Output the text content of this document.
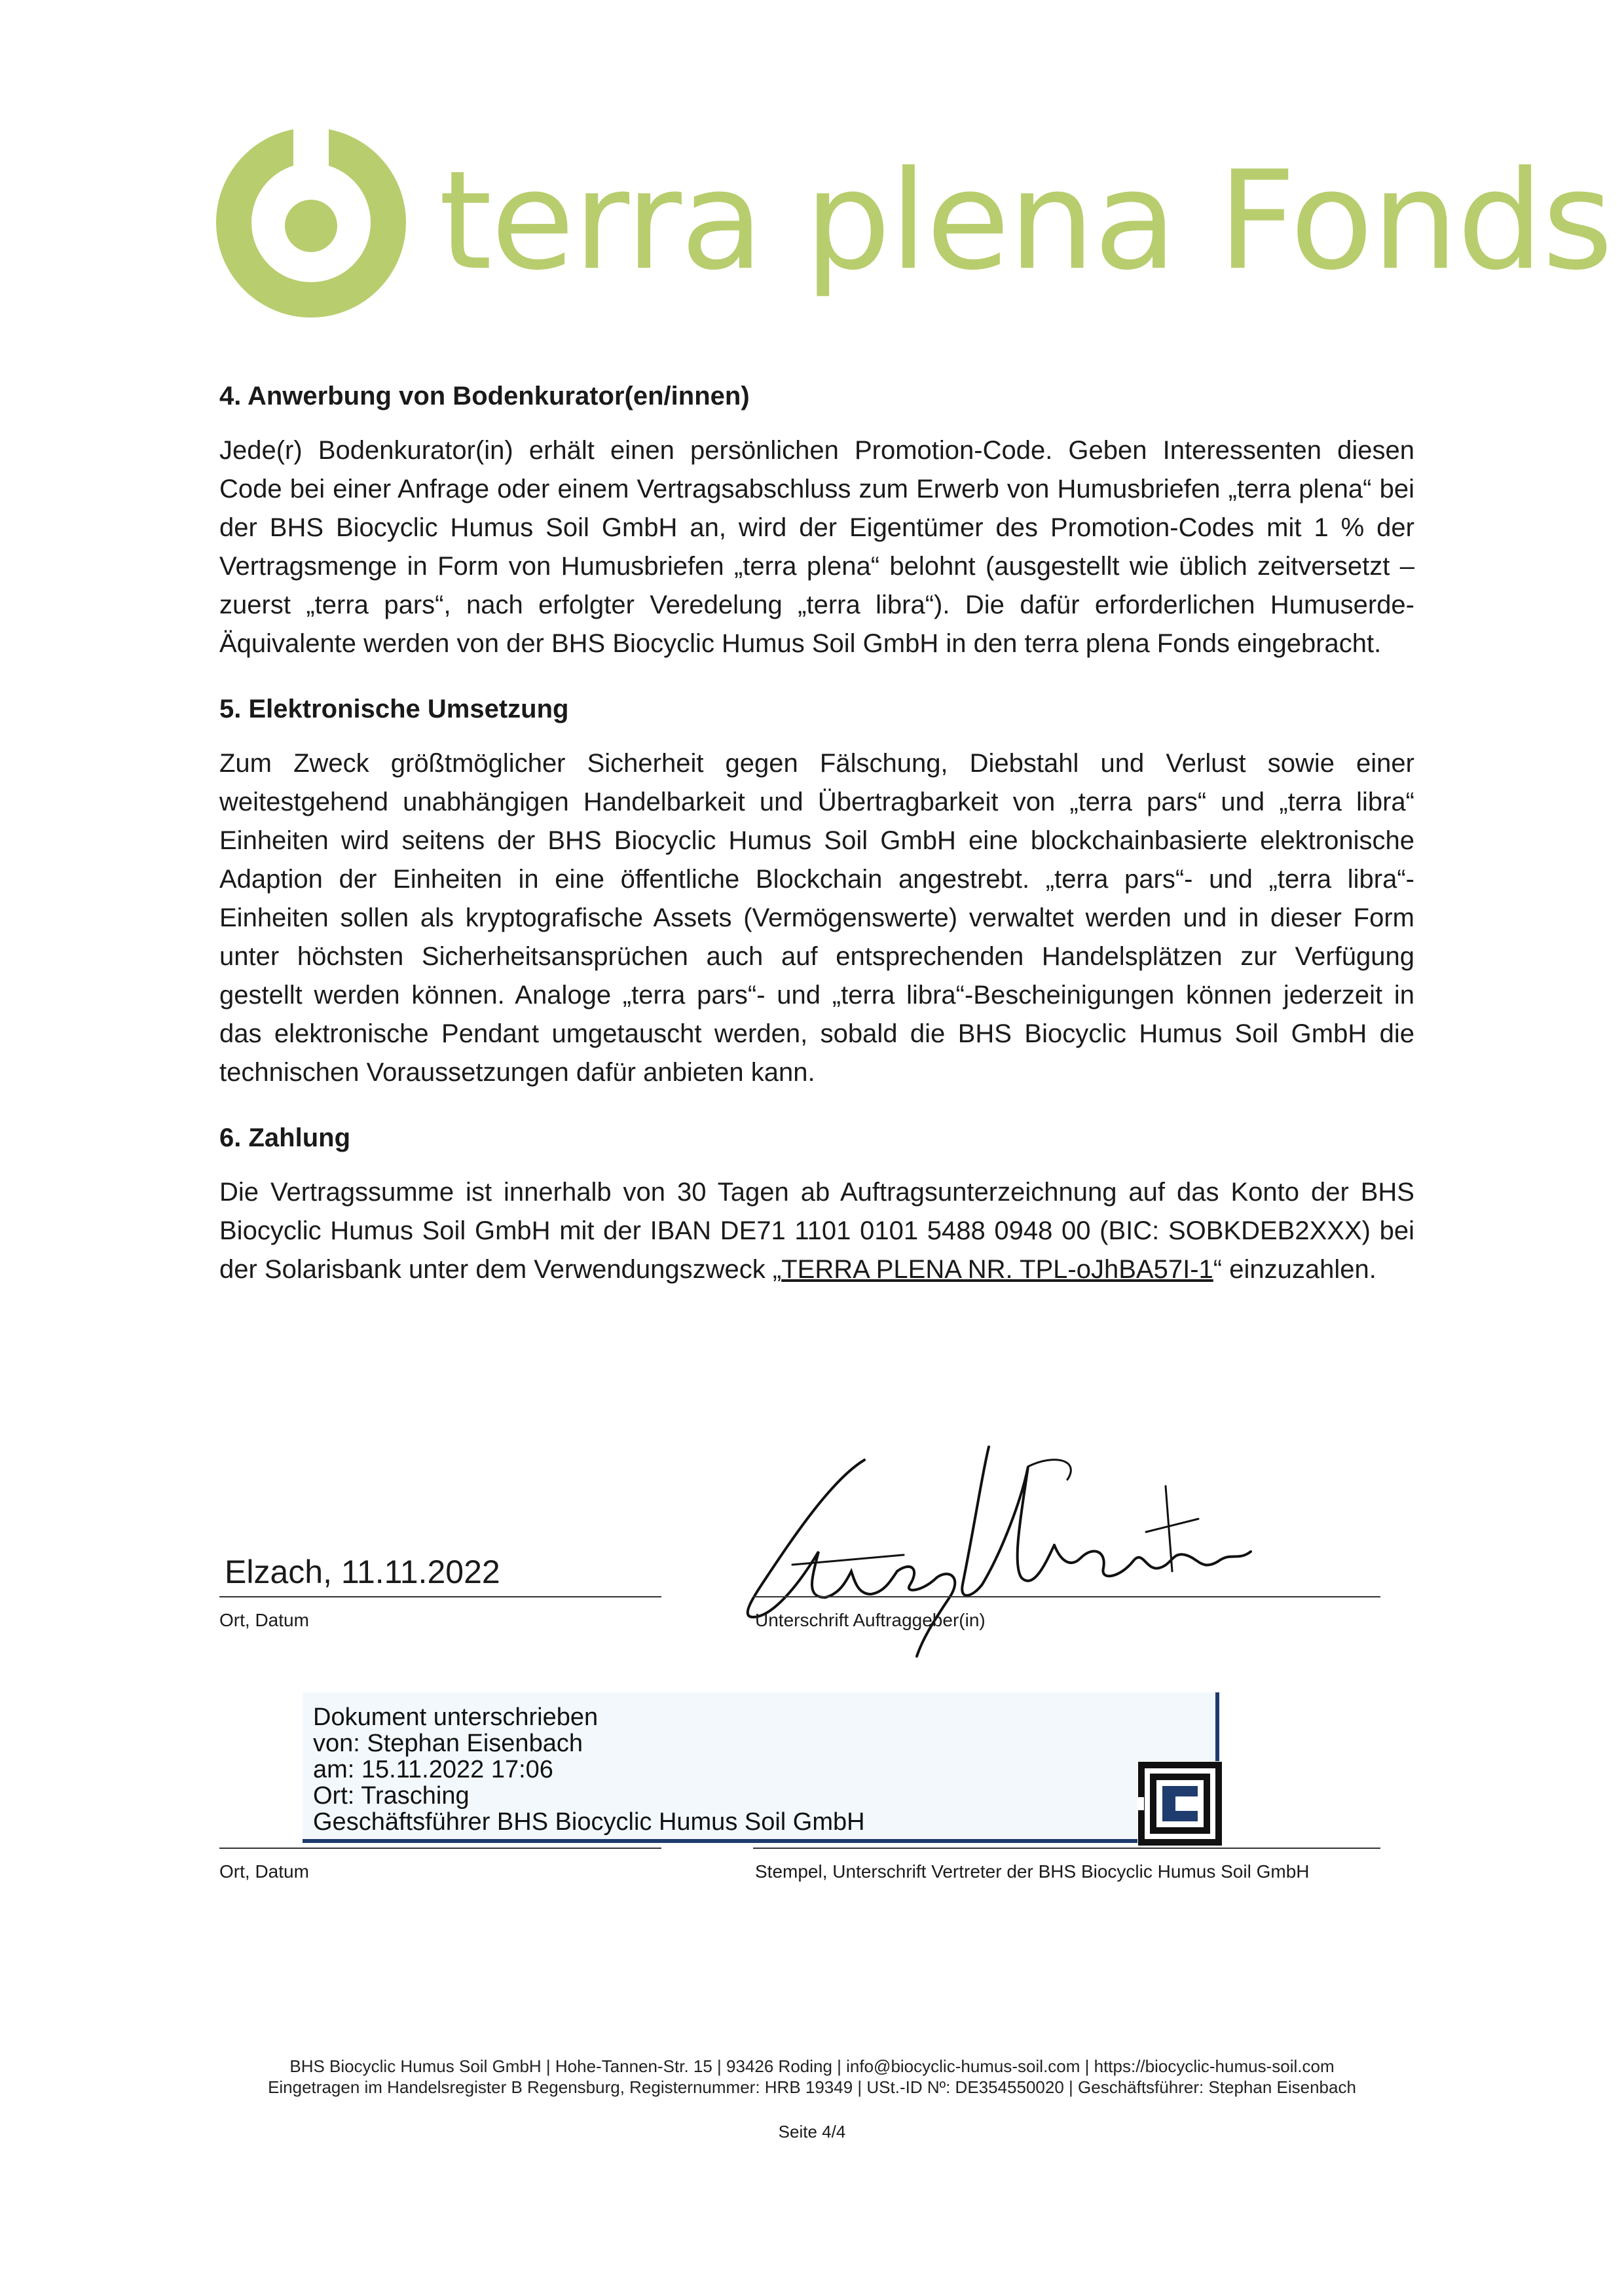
terra plena Fonds
4. Anwerbung von Bodenkurator(en/innen)

Jede(r) Bodenkurator(in) erhält einen persönlichen Promotion-Code. Geben Interessenten diesen Code bei einer Anfrage oder einem Vertragsabschluss zum Erwerb von Humusbriefen „terra plena“ bei der BHS Biocyclic Humus Soil GmbH an, wird der Eigentümer des Promotion-Codes mit 1 % der Vertragsmenge in Form von Humusbriefen „terra plena“ belohnt (ausgestellt wie üblich zeitversetzt – zuerst „terra pars“, nach erfolgter Veredelung „terra libra“). Die dafür erforderlichen Humuserde-Äquivalente werden von der BHS Biocyclic Humus Soil GmbH in den terra plena Fonds eingebracht.

5. Elektronische Umsetzung

Zum Zweck größtmöglicher Sicherheit gegen Fälschung, Diebstahl und Verlust sowie einer weitestgehend unabhängigen Handelbarkeit und Übertragbarkeit von „terra pars“ und „terra libra“ Einheiten wird seitens der BHS Biocyclic Humus Soil GmbH eine blockchainbasierte elektronische Adaption der Einheiten in eine öffentliche Blockchain angestrebt. „terra pars“- und „terra libra“-Einheiten sollen als kryptografische Assets (Vermögenswerte) verwaltet werden und in dieser Form unter höchsten Sicherheitsansprüchen auch auf entsprechenden Handelsplätzen zur Verfügung gestellt werden können. Analoge „terra pars“- und „terra libra“-Bescheinigungen können jederzeit in das elektronische Pendant umgetauscht werden, sobald die BHS Biocyclic Humus Soil GmbH die technischen Voraussetzungen dafür anbieten kann.

6. Zahlung

Die Vertragssumme ist innerhalb von 30 Tagen ab Auftragsunterzeichnung auf das Konto der BHS Biocyclic Humus Soil GmbH mit der IBAN DE71 1101 0101 5488 0948 00 (BIC: SOBKDEB2XXX) bei der Solarisbank unter dem Verwendungszweck „TERRA PLENA NR. TPL-oJhBA57I-1“ einzuzahlen.

Elzach, 11.11.2022
Ort, Datum	Unterschrift Auftraggeber(in)
Dokument unterschrieben
von: Stephan Eisenbach
am: 15.11.2022 17:06
Ort: Trasching
Geschäftsführer BHS Biocyclic Humus Soil GmbH
Ort, Datum	Stempel, Unterschrift Vertreter der BHS Biocyclic Humus Soil GmbH
BHS Biocyclic Humus Soil GmbH | Hohe-Tannen-Str. 15 | 93426 Roding | info@biocyclic-humus-soil.com | https://biocyclic-humus-soil.com
Eingetragen im Handelsregister B Regensburg, Registernummer: HRB 19349 | USt.-ID Nº: DE354550020 | Geschäftsführer: Stephan Eisenbach
Seite 4/4
